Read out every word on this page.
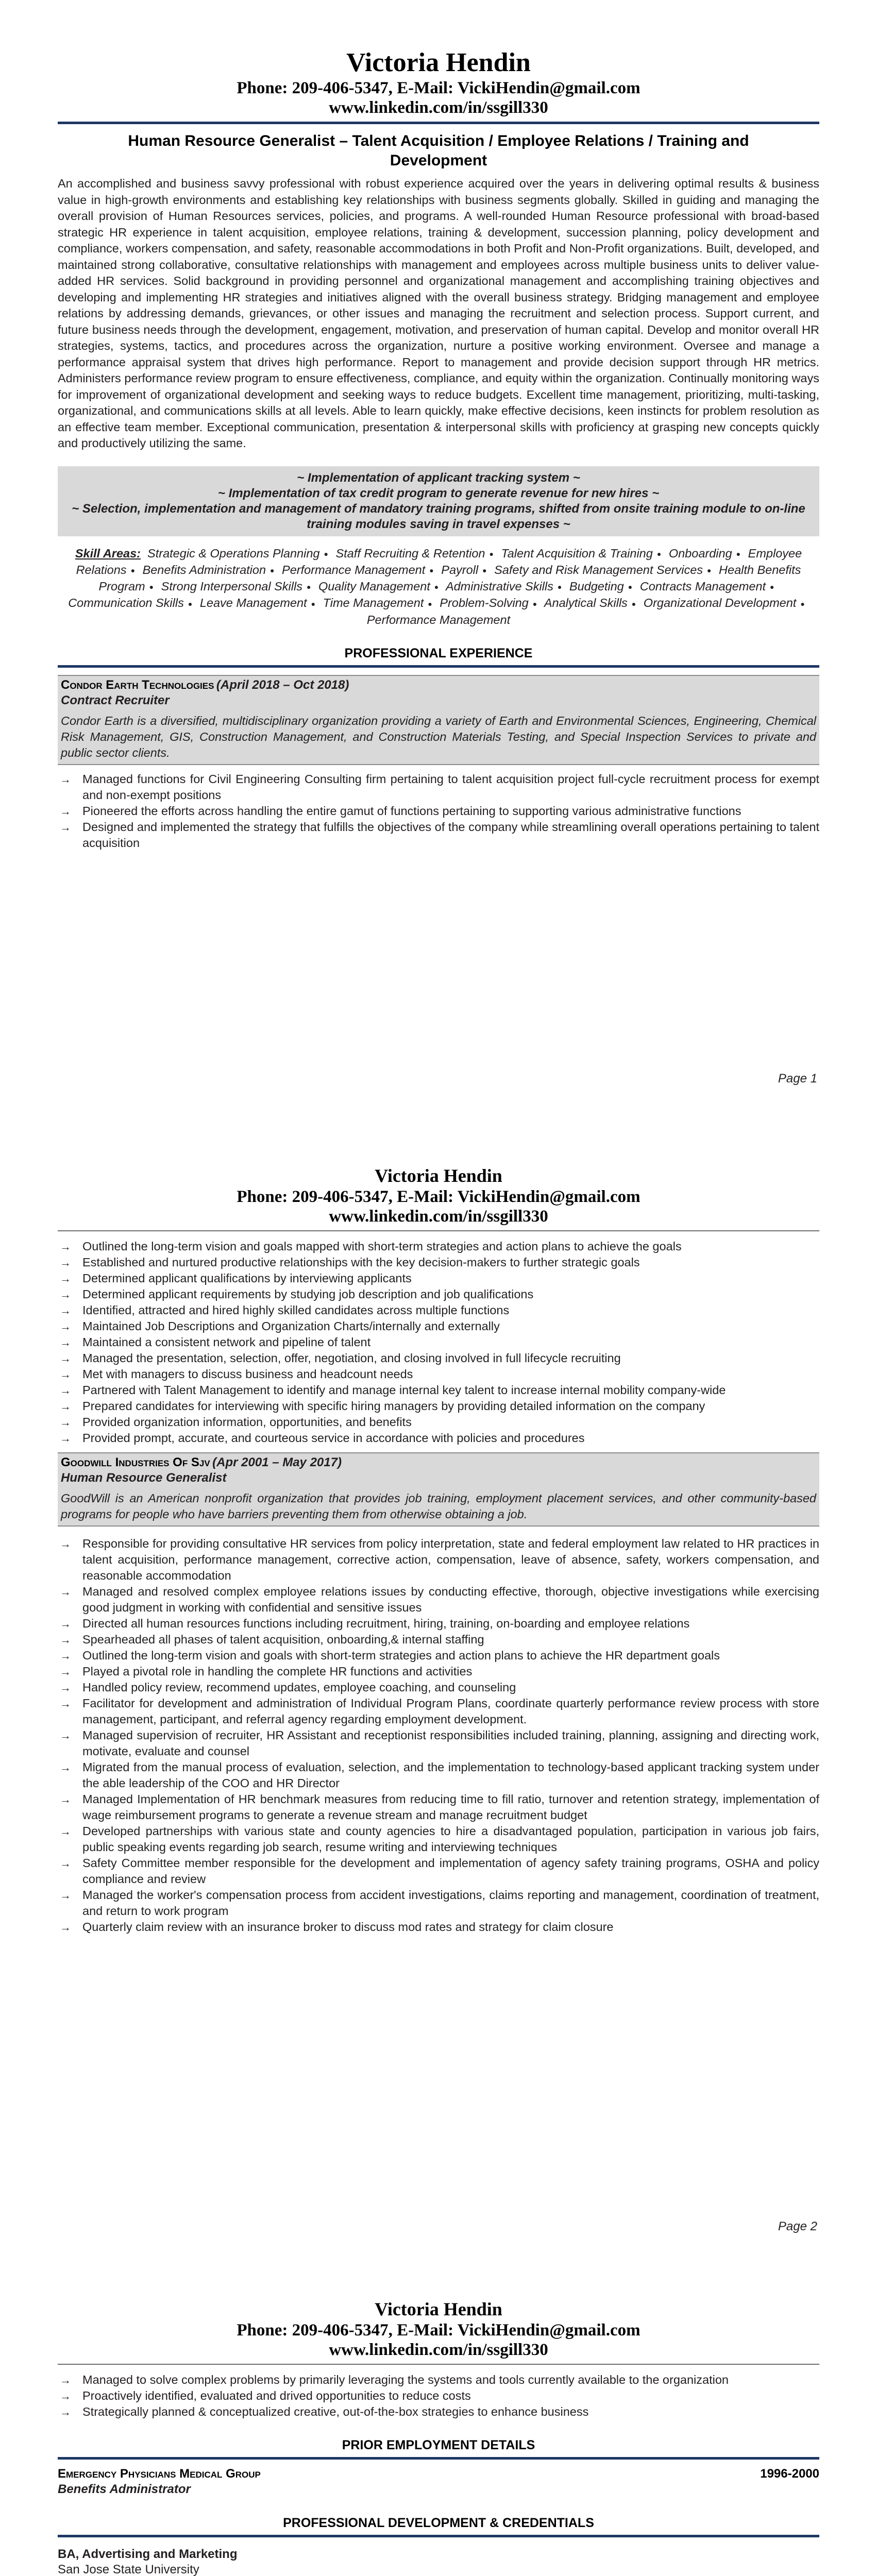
Victoria Hendin
Phone: 209-406-5347, E-Mail: VickiHendin@gmail.com
www.linkedin.com/in/ssgill330
Human Resource Generalist – Talent Acquisition / Employee Relations / Training and Development

An accomplished and business savvy professional with robust experience acquired over the years in delivering optimal results & business value in high-growth environments and establishing key relationships with business segments globally. Skilled in guiding and managing the overall provision of Human Resources services, policies, and programs. A well-rounded Human Resource professional with broad-based strategic HR experience in talent acquisition, employee relations, training & development, succession planning, policy development and compliance, workers compensation, and safety, reasonable accommodations in both Profit and Non-Profit organizations. Built, developed, and maintained strong collaborative, consultative relationships with management and employees across multiple business units to deliver value-added HR services. Solid background in providing personnel and organizational management and accomplishing training objectives and developing and implementing HR strategies and initiatives aligned with the overall business strategy. Bridging management and employee relations by addressing demands, grievances, or other issues and managing the recruitment and selection process. Support current, and future business needs through the development, engagement, motivation, and preservation of human capital. Develop and monitor overall HR strategies, systems, tactics, and procedures across the organization, nurture a positive working environment. Oversee and manage a performance appraisal system that drives high performance. Report to management and provide decision support through HR metrics. Administers performance review program to ensure effectiveness, compliance, and equity within the organization. Continually monitoring ways for improvement of organizational development and seeking ways to reduce budgets. Excellent time management, prioritizing, multi-tasking, organizational, and communications skills at all levels. Able to learn quickly, make effective decisions, keen instincts for problem resolution as an effective team member. Exceptional communication, presentation & interpersonal skills with proficiency at grasping new concepts quickly and productively utilizing the same.

~ Implementation of applicant tracking system ~
~ Implementation of tax credit program to generate revenue for new hires ~
~ Selection, implementation and management of mandatory training programs, shifted from onsite training module to on-line training modules saving in travel expenses ~

Skill Areas: Strategic & Operations Planning ● Staff Recruiting & Retention ● Talent Acquisition & Training ● Onboarding ● Employee Relations ● Benefits Administration ● Performance Management ● Payroll ● Safety and Risk Management Services ● Health Benefits Program ● Strong Interpersonal Skills ● Quality Management ● Administrative Skills ● Budgeting ● Contracts Management ● Communication Skills ● Leave Management ● Time Management ● Problem-Solving ● Analytical Skills ● Organizational Development ● Performance Management

PROFESSIONAL EXPERIENCE
Condor Earth Technologies (April 2018 – Oct 2018)
Contract Recruiter
Condor Earth is a diversified, multidisciplinary organization providing a variety of Earth and Environmental Sciences, Engineering, Chemical Risk Management, GIS, Construction Management, and Construction Materials Testing, and Special Inspection Services to private and public sector clients.
→ Managed functions for Civil Engineering Consulting firm pertaining to talent acquisition project full-cycle recruitment process for exempt and non-exempt positions
→ Pioneered the efforts across handling the entire gamut of functions pertaining to supporting various administrative functions
→ Designed and implemented the strategy that fulfills the objectives of the company while streamlining overall operations pertaining to talent acquisition
Page 1
Victoria Hendin
Phone: 209-406-5347, E-Mail: VickiHendin@gmail.com
www.linkedin.com/in/ssgill330
→ Outlined the long-term vision and goals mapped with short-term strategies and action plans to achieve the goals
→ Established and nurtured productive relationships with the key decision-makers to further strategic goals
→ Determined applicant qualifications by interviewing applicants
→ Determined applicant requirements by studying job description and job qualifications
→ Identified, attracted and hired highly skilled candidates across multiple functions
→ Maintained Job Descriptions and Organization Charts/internally and externally
→ Maintained a consistent network and pipeline of talent
→ Managed the presentation, selection, offer, negotiation, and closing involved in full lifecycle recruiting
→ Met with managers to discuss business and headcount needs
→ Partnered with Talent Management to identify and manage internal key talent to increase internal mobility company-wide
→ Prepared candidates for interviewing with specific hiring managers by providing detailed information on the company
→ Provided organization information, opportunities, and benefits
→ Provided prompt, accurate, and courteous service in accordance with policies and procedures
Goodwill Industries Of Sjv (Apr 2001 – May 2017)
Human Resource Generalist
GoodWill is an American nonprofit organization that provides job training, employment placement services, and other community-based programs for people who have barriers preventing them from otherwise obtaining a job.
→ Responsible for providing consultative HR services from policy interpretation, state and federal employment law related to HR practices in talent acquisition, performance management, corrective action, compensation, leave of absence, safety, workers compensation, and reasonable accommodation
→ Managed and resolved complex employee relations issues by conducting effective, thorough, objective investigations while exercising good judgment in working with confidential and sensitive issues
→ Directed all human resources functions including recruitment, hiring, training, on-boarding and employee relations
→ Spearheaded all phases of talent acquisition, onboarding,& internal staffing
→ Outlined the long-term vision and goals with short-term strategies and action plans to achieve the HR department goals
→ Played a pivotal role in handling the complete HR functions and activities
→ Handled policy review, recommend updates, employee coaching, and counseling
→ Facilitator for development and administration of Individual Program Plans, coordinate quarterly performance review process with store management, participant, and referral agency regarding employment development.
→ Managed supervision of recruiter, HR Assistant and receptionist responsibilities included training, planning, assigning and directing work, motivate, evaluate and counsel
→ Migrated from the manual process of evaluation, selection, and the implementation to technology-based applicant tracking system under the able leadership of the COO and HR Director
→ Managed Implementation of HR benchmark measures from reducing time to fill ratio, turnover and retention strategy, implementation of wage reimbursement programs to generate a revenue stream and manage recruitment budget
→ Developed partnerships with various state and county agencies to hire a disadvantaged population, participation in various job fairs, public speaking events regarding job search, resume writing and interviewing techniques
→ Safety Committee member responsible for the development and implementation of agency safety training programs, OSHA and policy compliance and review
→ Managed the worker's compensation process from accident investigations, claims reporting and management, coordination of treatment, and return to work program
→ Quarterly claim review with an insurance broker to discuss mod rates and strategy for claim closure
Page 2
Victoria Hendin
Phone: 209-406-5347, E-Mail: VickiHendin@gmail.com
www.linkedin.com/in/ssgill330
→ Managed to solve complex problems by primarily leveraging the systems and tools currently available to the organization
→ Proactively identified, evaluated and drived opportunities to reduce costs
→ Strategically planned & conceptualized creative, out-of-the-box strategies to enhance business
PRIOR EMPLOYMENT DETAILS
Emergency Physicians Medical Group	1996-2000
Benefits Administrator
PROFESSIONAL DEVELOPMENT & CREDENTIALS
BA, Advertising and Marketing
San Jose State University
